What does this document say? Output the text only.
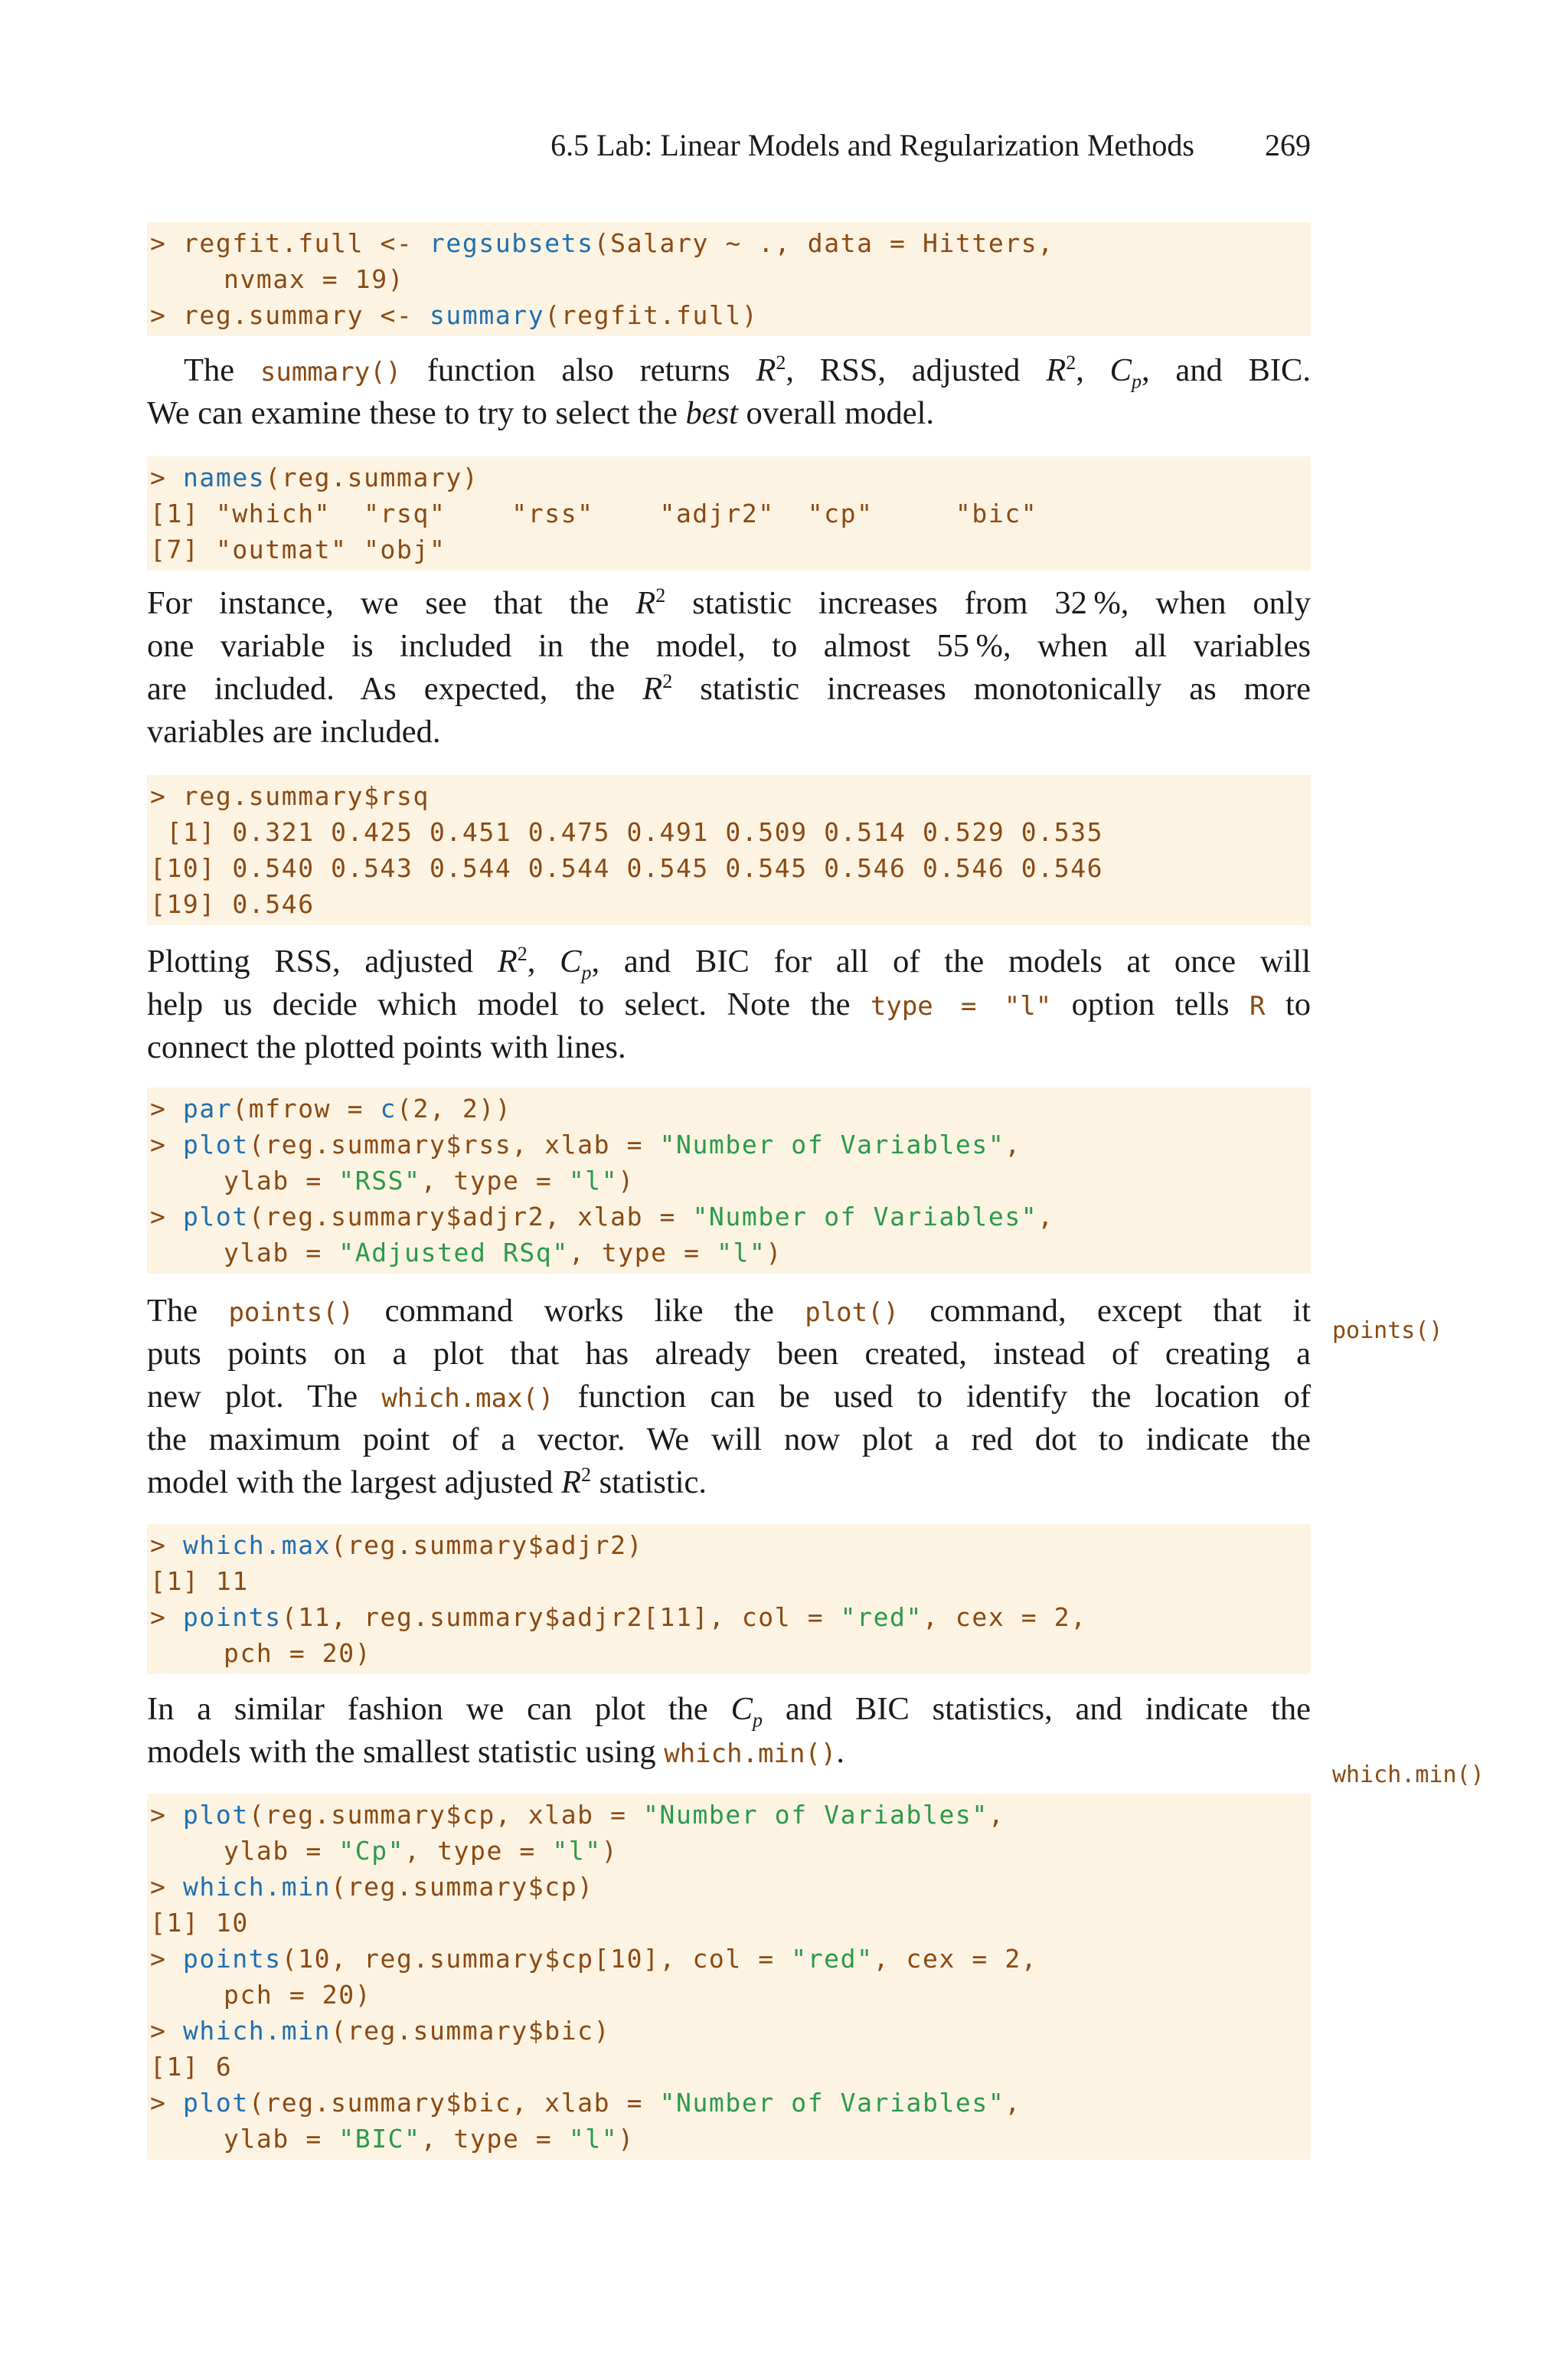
6.5 Lab: Linear Models and Regularization Methods 269
> regfit.full <- regsubsets(Salary ∼ ., data = Hitters,
nvmax = 19)
> reg.summary <- summary(regfit.full)
The summary() function also returns $R^2$, RSS, adjusted $R^2$, $C_p$, and BIC.
We can examine these to try to select the best overall model.
> names(reg.summary)
[1] "which"  "rsq"    "rss"    "adjr2"  "cp"     "bic"
[7] "outmat" "obj"
For instance, we see that the $R^2$ statistic increases from 32 %, when only
one variable is included in the model, to almost 55 %, when all variables
are included. As expected, the $R^2$ statistic increases monotonically as more
variables are included.
> reg.summary$rsq
[1] 0.321 0.425 0.451 0.475 0.491 0.509 0.514 0.529 0.535
[10] 0.540 0.543 0.544 0.544 0.545 0.545 0.546 0.546 0.546
[19] 0.546
Plotting RSS, adjusted $R^2$, $C_p$, and BIC for all of the models at once will
help us decide which model to select. Note the type = "l" option tells R to
connect the plotted points with lines.
> par(mfrow = c(2, 2))
> plot(reg.summary$rss, xlab = "Number of Variables",
ylab = "RSS", type = "l")
> plot(reg.summary$adjr2, xlab = "Number of Variables",
ylab = "Adjusted RSq", type = "l")
The points() command works like the plot() command, except that it
puts points on a plot that has already been created, instead of creating a
new plot. The which.max() function can be used to identify the location of
the maximum point of a vector. We will now plot a red dot to indicate the
model with the largest adjusted $R^2$ statistic.
points()
> which.max(reg.summary$adjr2)
[1] 11
> points(11, reg.summary$adjr2[11], col = "red", cex = 2,
pch = 20)
In a similar fashion we can plot the $C_p$ and BIC statistics, and indicate the
models with the smallest statistic using which.min().
which.min()
> plot(reg.summary$cp, xlab = "Number of Variables",
ylab = "Cp", type = "l")
> which.min(reg.summary$cp)
[1] 10
> points(10, reg.summary$cp[10], col = "red", cex = 2,
pch = 20)
> which.min(reg.summary$bic)
[1] 6
> plot(reg.summary$bic, xlab = "Number of Variables",
ylab = "BIC", type = "l")
